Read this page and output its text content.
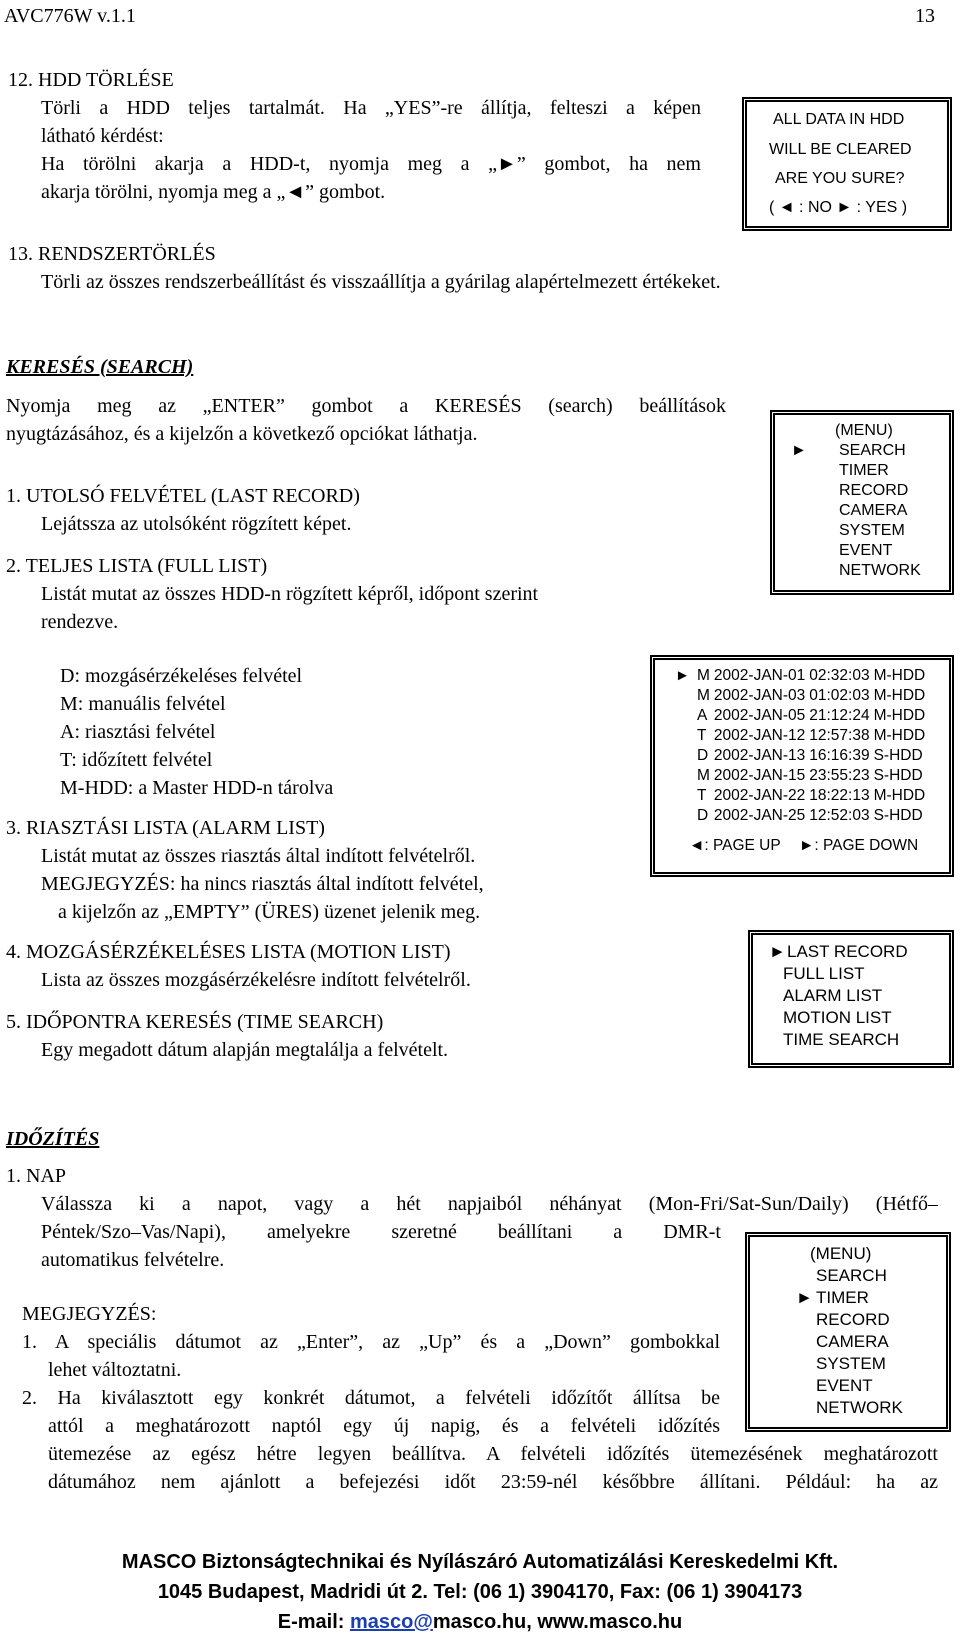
AVC776W v.1.1	13
12. HDD TÖRLÉSE
Törli a HDD teljes tartalmát. Ha „YES”-re állítja, felteszi a képen
látható kérdést:
Ha törölni akarja a HDD-t, nyomja meg a „►” gombot, ha nem
akarja törölni, nyomja meg a „◄” gombot.
ALL DATA IN HDD
WILL BE CLEARED
ARE YOU SURE?
( ◄ : NO ► : YES )
13. RENDSZERTÖRLÉS
Törli az összes rendszerbeállítást és visszaállítja a gyárilag alapértelmezett értékeket.
KERESÉS (SEARCH)
Nyomja meg az „ENTER” gombot a KERESÉS (search) beállítások
nyugtázásához, és a kijelzőn a következő opciókat láthatja.	(MENU)
► SEARCH
TIMER
RECORD
CAMERA
SYSTEM
EVENT
NETWORK
1. UTOLSÓ FELVÉTEL (LAST RECORD)
Lejátssza az utolsóként rögzített képet.
2. TELJES LISTA (FULL LIST)
Listát mutat az összes HDD-n rögzített képről, időpont szerint
rendezve.
D: mozgásérzékeléses felvétel
M: manuális felvétel
A: riasztási felvétel
T: időzített felvétel
M-HDD: a Master HDD-n tárolva
► M	2002-JAN-01	02:32:03	M-HDD
M	2002-JAN-03	01:02:03	M-HDD
A	2002-JAN-05	21:12:24	M-HDD
T	2002-JAN-12	12:57:38	M-HDD
D	2002-JAN-13	16:16:39	S-HDD
M	2002-JAN-15	23:55:23	S-HDD
T	2002-JAN-22	18:22:13	M-HDD
D	2002-JAN-25	12:52:03	S-HDD
◄: PAGE UP ►: PAGE DOWN
3. RIASZTÁSI LISTA (ALARM LIST)
Listát mutat az összes riasztás által indított felvételről.
MEGJEGYZÉS: ha nincs riasztás által indított felvétel,
a kijelzőn az „EMPTY” (ÜRES) üzenet jelenik meg.
4. MOZGÁSÉRZÉKELÉSES LISTA (MOTION LIST)
Lista az összes mozgásérzékelésre indított felvételről.
5. IDŐPONTRA KERESÉS (TIME SEARCH)
Egy megadott dátum alapján megtalálja a felvételt.
► LAST RECORD
FULL LIST
ALARM LIST
MOTION LIST
TIME SEARCH
IDŐZÍTÉS
1. NAP
Válassza ki a napot, vagy a hét napjaiból néhányat (Mon-Fri/Sat-Sun/Daily) (Hétfő–
Péntek/Szo–Vas/Napi), amelyekre szeretné beállítani a DMR-t
automatikus felvételre.
MEGJEGYZÉS:
1. A speciális dátumot az „Enter”, az „Up” és a „Down” gombokkal
lehet változtatni.
2. Ha kiválasztott egy konkrét dátumot, a felvételi időzítőt állítsa be
attól a meghatározott naptól egy új napig, és a felvételi időzítés
ütemezése az egész hétre legyen beállítva. A felvételi időzítés ütemezésének meghatározott
dátumához nem ajánlott a befejezési időt 23:59-nél későbbre állítani. Például: ha az
(MENU)
SEARCH
► TIMER
RECORD
CAMERA
SYSTEM
EVENT
NETWORK
MASCO Biztonságtechnikai és Nyílászáró Automatizálási Kereskedelmi Kft.
1045 Budapest, Madridi út 2. Tel: (06 1) 3904170, Fax: (06 1) 3904173
E-mail: masco@masco.hu, www.masco.hu
